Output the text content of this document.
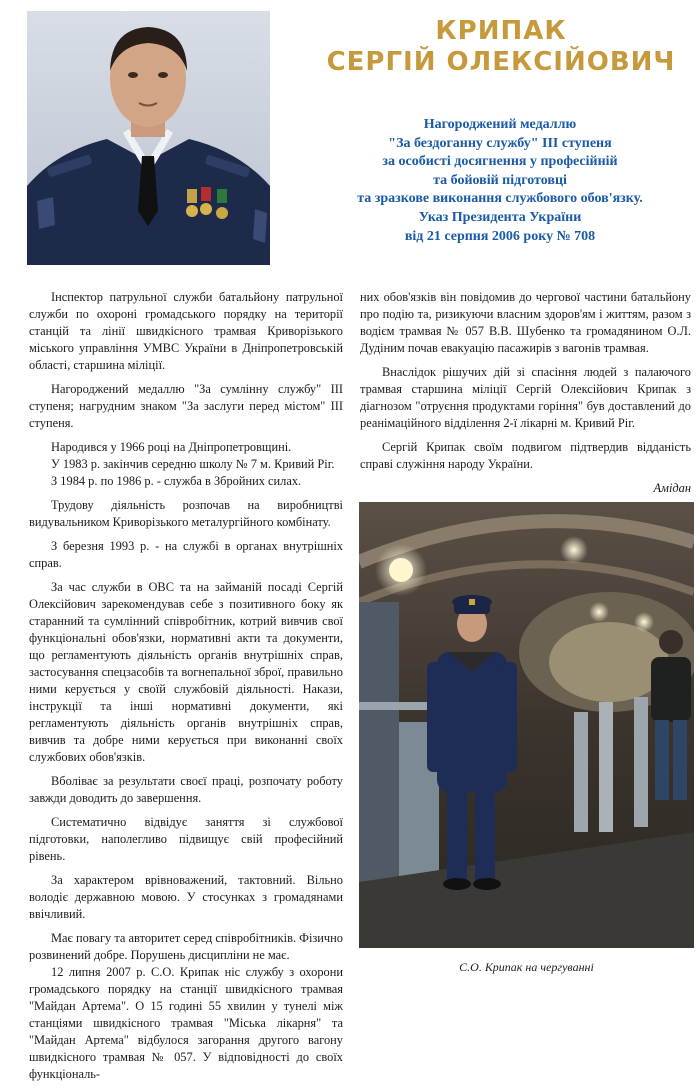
КРИПАК
СЕРГІЙ ОЛЕКСІЙОВИЧ
Нагороджений медаллю
"За бездоганну службу" ІІІ ступеня
за особисті досягнення у професійній
та бойовій підготовці
та зразкове виконання службового обов'язку.
Указ Президента України
від 21 серпня 2006 року № 708

Інспектор патрульної служби батальйону патрульної служби по охороні громадського порядку на території станцій та лінії швидкісного трамвая Криворізького міського управління УМВС України в Дніпропетровській області, старшина міліції.

Нагороджений медаллю "За сумлінну службу" ІІІ ступеня; нагрудним знаком "За заслуги перед містом" ІІІ ступеня.

Народився у 1966 році на Дніпропетровщині.

У 1983 р. закінчив середню школу № 7 м. Кривий Ріг.

З 1984 р. по 1986 р. - служба в Збройних силах.

Трудову діяльність розпочав на виробництві видувальником Криворізького металургійного комбінату.

З березня 1993 р. - на службі в органах внутрішніх справ.

За час служби в ОВС та на займаній посаді Сергій Олексійович зарекомендував себе з позитивного боку як старанний та сумлінний співробітник, котрий вивчив свої функціональні обов'язки, нормативні акти та документи, що регламентують діяльність органів внутрішніх справ, застосування спецзасобів та вогнепальної зброї, правильно ними керується у своїй службовій діяльності. Накази, інструкції та інші нормативні документи, які регламентують діяльність органів внутрішніх справ, вивчив та добре ними керується при виконанні своїх службових обов'язків.

Вболіває за результати своєї праці, розпочату роботу завжди доводить до завершення.

Систематично відвідує заняття зі службової підготовки, наполегливо підвищує свій професійний рівень.

За характером врівноважений, тактовний. Вільно володіє державною мовою. У стосунках з громадянами ввічливий.

Має повагу та авторитет серед співробітників. Фізично розвинений добре. Порушень дисципліни не має.

12 липня 2007 р. С.О. Крипак ніс службу з охорони громадського порядку на станції швидкісного трамвая "Майдан Артема". О 15 годині 55 хвилин у тунелі між станціями швидкісного трамвая "Міська лікарня" та "Майдан Артема" відбулося загорання другого вагону швидкісного трамвая № 057. У відповідності до своїх функціональ-

них обов'язків він повідомив до чергової частини батальйону про подію та, ризикуючи власним здоров'ям і життям, разом з водієм трамвая № 057 В.В. Шубенко та громадянином О.Л. Дудіним почав евакуацію пасажирів з вагонів трамвая.

Внаслідок рішучих дій зі спасіння людей з палаючого трамвая старшина міліції Сергій Олексійович Крипак з діагнозом "отруєння продуктами горіння" був доставлений до реанімаційного відділення 2-ї лікарні м. Кривий Ріг.

Сергій Крипак своїм подвигом підтвердив відданість справі служіння народу України.

Амідан

С.О. Крипак на чергуванні
